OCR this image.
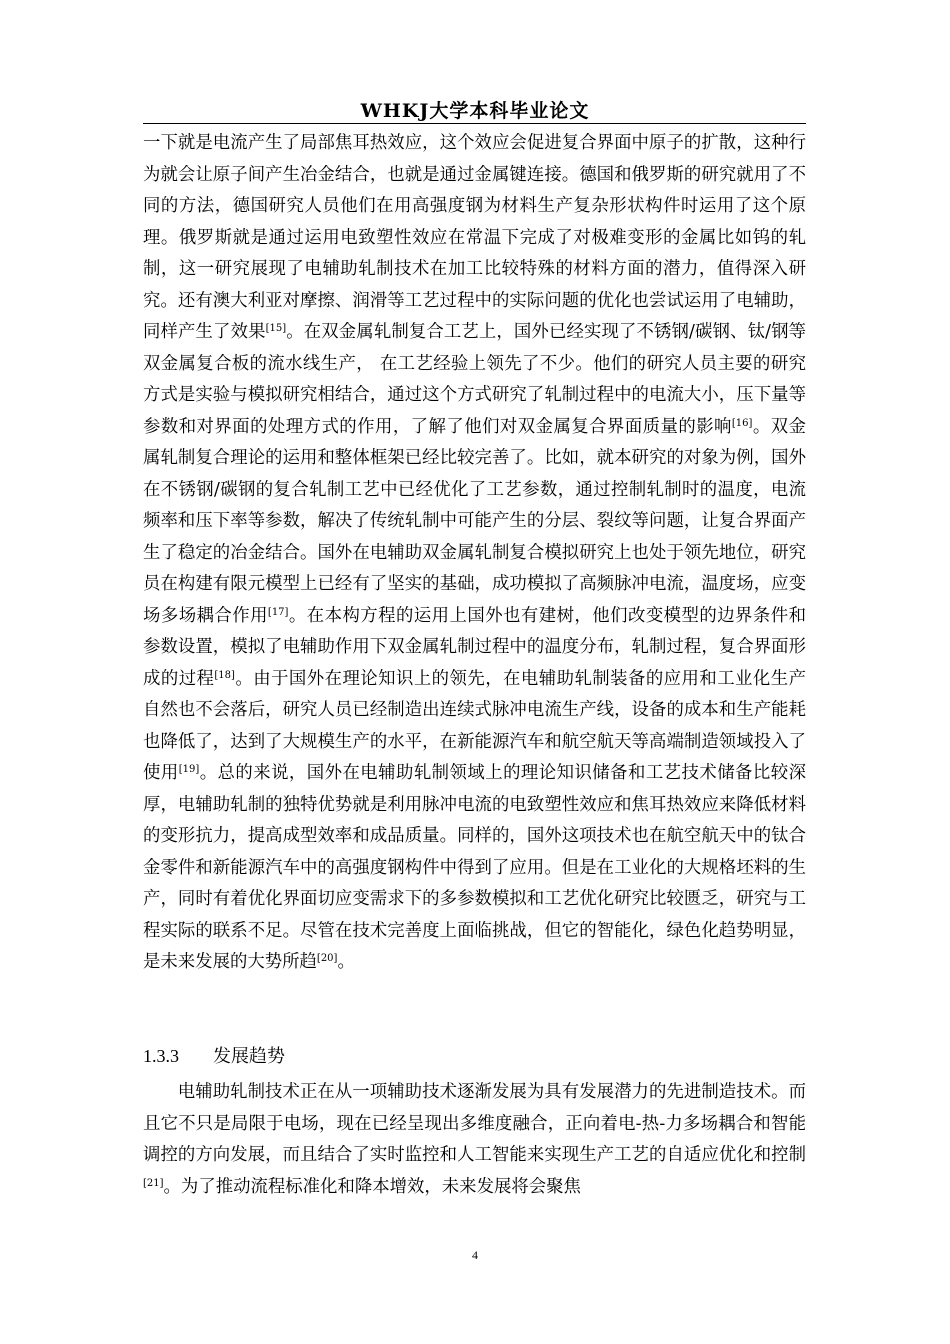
WHKJ大学本科毕业论文

一下就是电流产生了局部焦耳热效应，这个效应会促进复合界面中原子的扩散，这种行为就会让原子间产生冶金结合，也就是通过金属键连接。德国和俄罗斯的研究就用了不同的方法，德国研究人员他们在用高强度钢为材料生产复杂形状构件时运用了这个原理。俄罗斯就是通过运用电致塑性效应在常温下完成了对极难变形的金属比如钨的轧制，这一研究展现了电辅助轧制技术在加工比较特殊的材料方面的潜力，值得深入研究。还有澳大利亚对摩擦、润滑等工艺过程中的实际问题的优化也尝试运用了电辅助，同样产生了效果[15]。在双金属轧制复合工艺上，国外已经实现了不锈钢/碳钢、钛/钢等双金属复合板的流水线生产， 在工艺经验上领先了不少。他们的研究人员主要的研究方式是实验与模拟研究相结合，通过这个方式研究了轧制过程中的电流大小，压下量等参数和对界面的处理方式的作用，了解了他们对双金属复合界面质量的影响[16]。双金属轧制复合理论的运用和整体框架已经比较完善了。比如，就本研究的对象为例，国外在不锈钢/碳钢的复合轧制工艺中已经优化了工艺参数，通过控制轧制时的温度，电流频率和压下率等参数，解决了传统轧制中可能产生的分层、裂纹等问题，让复合界面产生了稳定的冶金结合。国外在电辅助双金属轧制复合模拟研究上也处于领先地位，研究员在构建有限元模型上已经有了坚实的基础，成功模拟了高频脉冲电流，温度场，应变场多场耦合作用[17]。在本构方程的运用上国外也有建树，他们改变模型的边界条件和参数设置，模拟了电辅助作用下双金属轧制过程中的温度分布，轧制过程，复合界面形成的过程[18]。由于国外在理论知识上的领先，在电辅助轧制装备的应用和工业化生产自然也不会落后，研究人员已经制造出连续式脉冲电流生产线，设备的成本和生产能耗也降低了，达到了大规模生产的水平，在新能源汽车和航空航天等高端制造领域投入了使用[19]。总的来说，国外在电辅助轧制领域上的理论知识储备和工艺技术储备比较深厚，电辅助轧制的独特优势就是利用脉冲电流的电致塑性效应和焦耳热效应来降低材料的变形抗力，提高成型效率和成品质量。同样的，国外这项技术也在航空航天中的钛合金零件和新能源汽车中的高强度钢构件中得到了应用。但是在工业化的大规格坯料的生产，同时有着优化界面切应变需求下的多参数模拟和工艺优化研究比较匮乏，研究与工程实际的联系不足。尽管在技术完善度上面临挑战，但它的智能化，绿色化趋势明显，是未来发展的大势所趋[20]。

1.3.3 发展趋势

电辅助轧制技术正在从一项辅助技术逐渐发展为具有发展潜力的先进制造技术。而且它不只是局限于电场，现在已经呈现出多维度融合，正向着电-热-力多场耦合和智能调控的方向发展，而且结合了实时监控和人工智能来实现生产工艺的自适应优化和控制[21]。为了推动流程标准化和降本增效，未来发展将会聚焦

4
